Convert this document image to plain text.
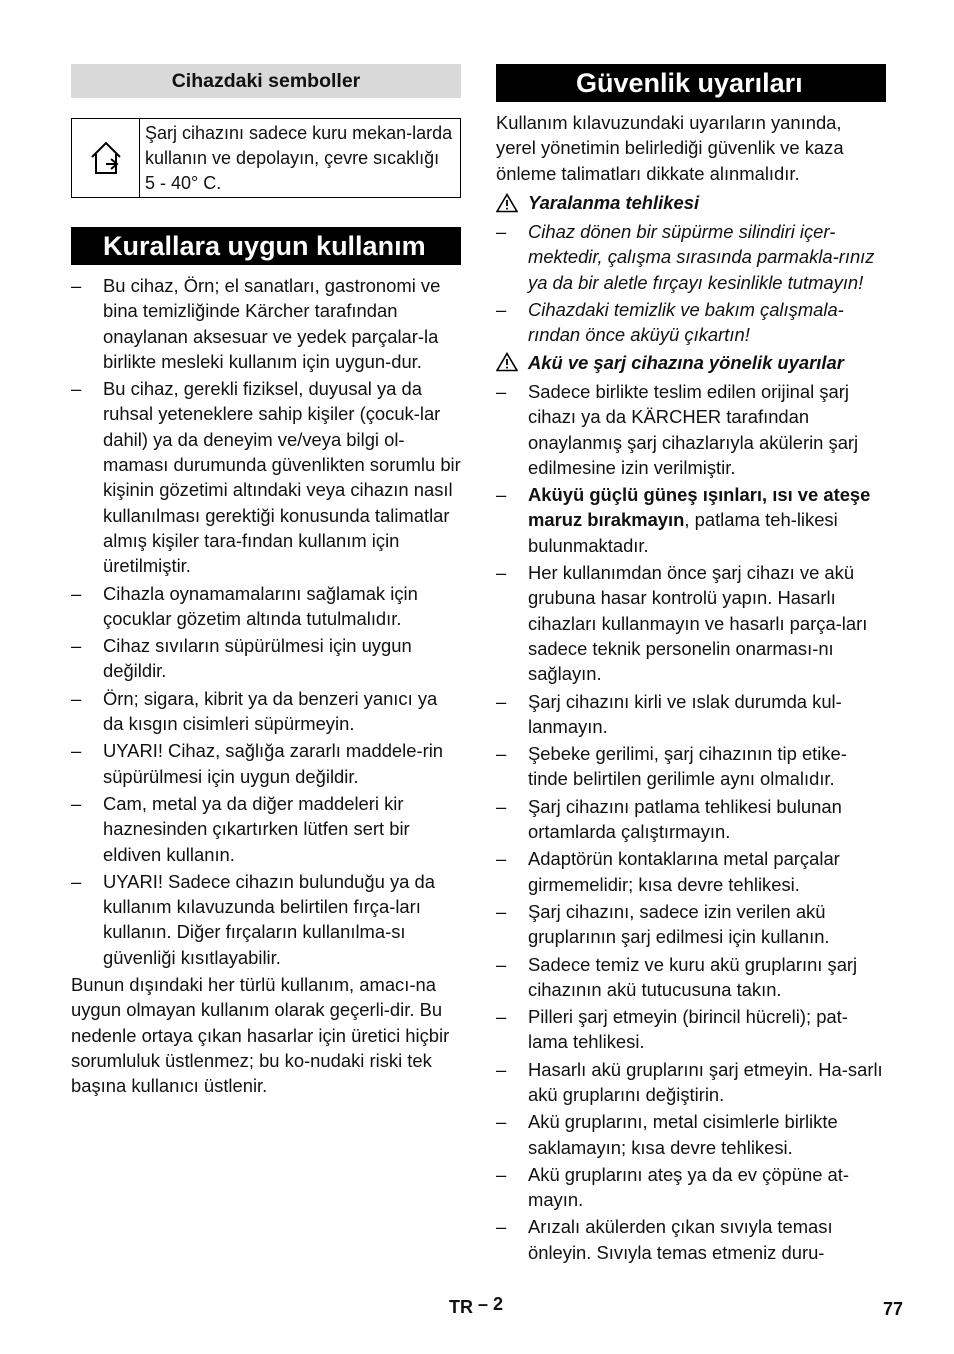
Cihazdaki semboller
Şarj cihazını sadece kuru mekan-larda kullanın ve depolayın, çevre sıcaklığı 5 - 40° C.
Kurallara uygun kullanım
– Bu cihaz, Örn; el sanatları, gastronomi ve bina temizliğinde Kärcher tarafından onaylanan aksesuar ve yedek parçalar-la birlikte mesleki kullanım için uygun-dur.
– Bu cihaz, gerekli fiziksel, duyusal ya da ruhsal yeteneklere sahip kişiler (çocuk-lar dahil) ya da deneyim ve/veya bilgi ol-maması durumunda güvenlikten sorumlu bir kişinin gözetimi altındaki veya cihazın nasıl kullanılması gerektiği konusunda talimatlar almış kişiler tara-fından kullanım için üretilmiştir.
– Cihazla oynamamalarını sağlamak için çocuklar gözetim altında tutulmalıdır.
– Cihaz sıvıların süpürülmesi için uygun değildir.
– Örn; sigara, kibrit ya da benzeri yanıcı ya da kısgın cisimleri süpürmeyin.
– UYARI! Cihaz, sağlığa zararlı maddele-rin süpürülmesi için uygun değildir.
– Cam, metal ya da diğer maddeleri kir haznesinden çıkartırken lütfen sert bir eldiven kullanın.
– UYARI! Sadece cihazın bulunduğu ya da kullanım kılavuzunda belirtilen fırça-ları kullanın. Diğer fırçaların kullanılma-sı güvenliği kısıtlayabilir.

Bunun dışındaki her türlü kullanım, amacı-na uygun olmayan kullanım olarak geçerli-dir. Bu nedenle ortaya çıkan hasarlar için üretici hiçbir sorumluluk üstlenmez; bu ko-nudaki riski tek başına kullanıcı üstlenir.

Güvenlik uyarıları

Kullanım kılavuzundaki uyarıların yanında, yerel yönetimin belirlediği güvenlik ve kaza önleme talimatları dikkate alınmalıdır.

Yaralanma tehlikesi
– Cihaz dönen bir süpürme silindiri içer-mektedir, çalışma sırasında parmakla-rınız ya da bir aletle fırçayı kesinlikle tutmayın!
– Cihazdaki temizlik ve bakım çalışmala-rından önce aküyü çıkartın!
Akü ve şarj cihazına yönelik uyarılar
– Sadece birlikte teslim edilen orijinal şarj cihazı ya da KÄRCHER tarafından onaylanmış şarj cihazlarıyla akülerin şarj edilmesine izin verilmiştir.
– Aküyü güçlü güneş ışınları, ısı ve ateşe maruz bırakmayın, patlama teh-likesi bulunmaktadır.
– Her kullanımdan önce şarj cihazı ve akü grubuna hasar kontrolü yapın. Hasarlı cihazları kullanmayın ve hasarlı parça-ları sadece teknik personelin onarması-nı sağlayın.
– Şarj cihazını kirli ve ıslak durumda kul-lanmayın.
– Şebeke gerilimi, şarj cihazının tip etike-tinde belirtilen gerilimle aynı olmalıdır.
– Şarj cihazını patlama tehlikesi bulunan ortamlarda çalıştırmayın.
– Adaptörün kontaklarına metal parçalar girmemelidir; kısa devre tehlikesi.
– Şarj cihazını, sadece izin verilen akü gruplarının şarj edilmesi için kullanın.
– Sadece temiz ve kuru akü gruplarını şarj cihazının akü tutucusuna takın.
– Pilleri şarj etmeyin (birincil hücreli); pat-lama tehlikesi.
– Hasarlı akü gruplarını şarj etmeyin. Ha-sarlı akü gruplarını değiştirin.
– Akü gruplarını, metal cisimlerle birlikte saklamayın; kısa devre tehlikesi.
– Akü gruplarını ateş ya da ev çöpüne at-mayın.
– Arızalı akülerden çıkan sıvıyla teması önleyin. Sıvıyla temas etmeniz duru-
TR – 2	77
